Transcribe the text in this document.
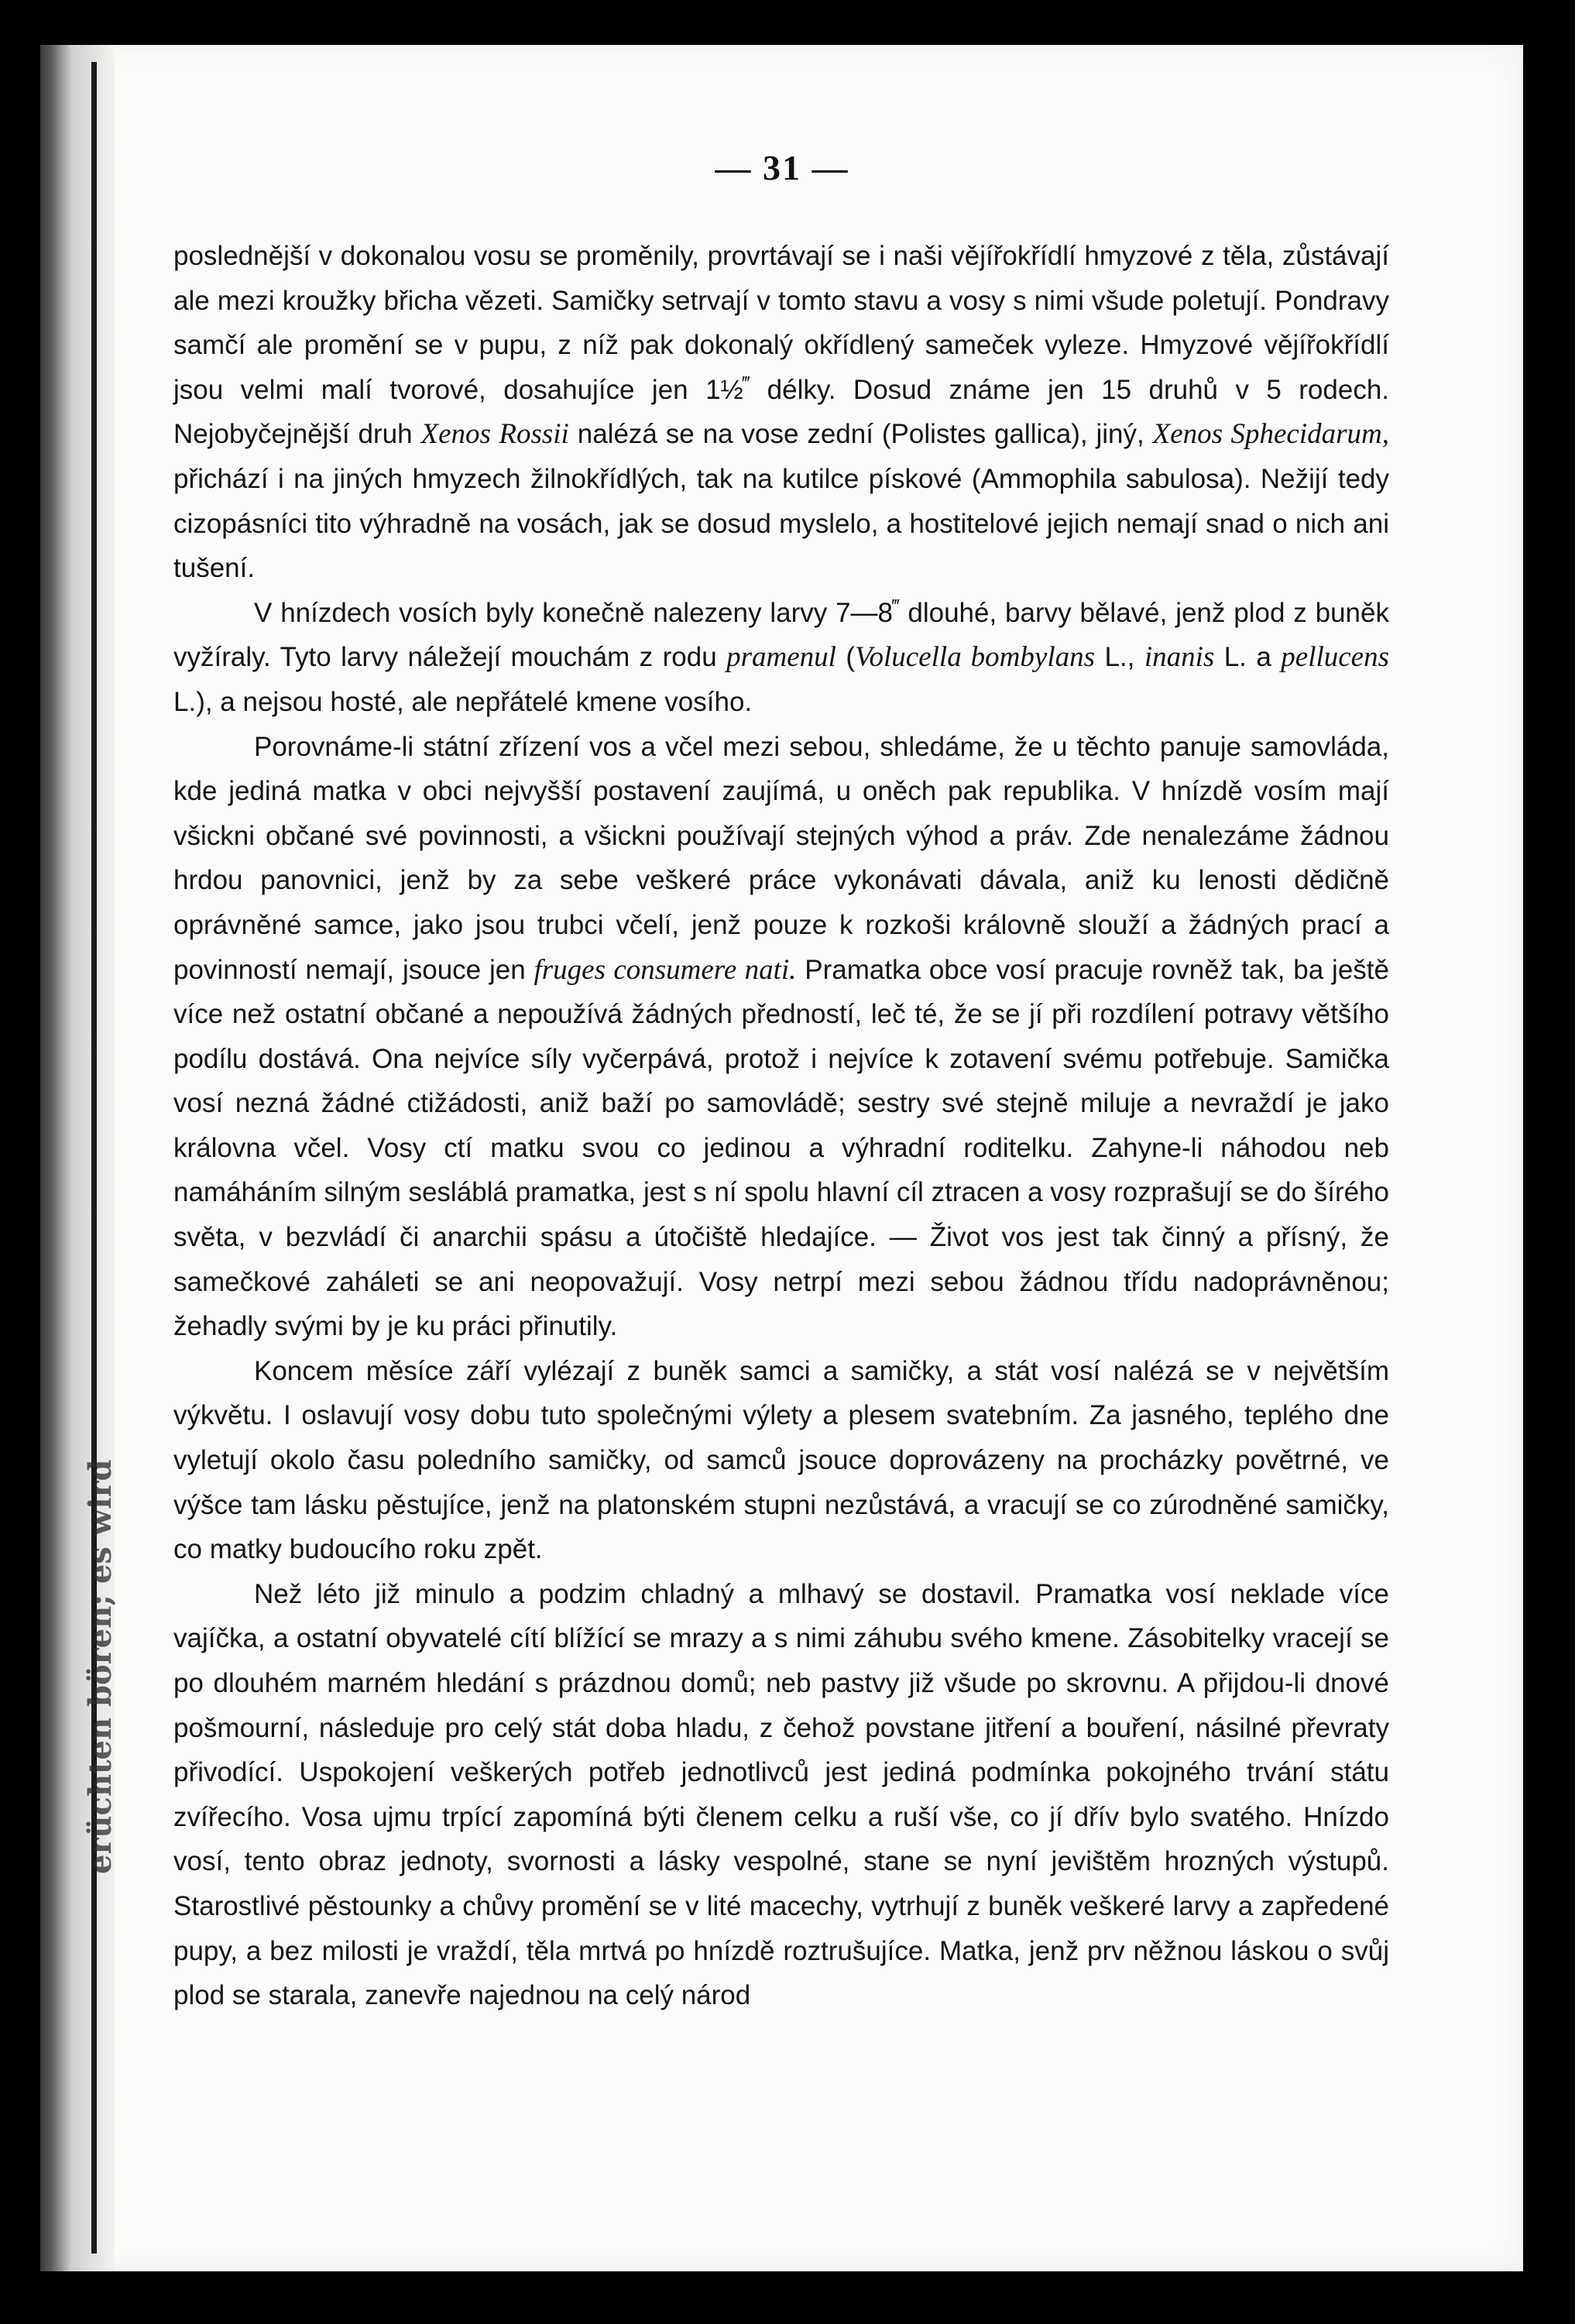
erüchten bören; es wird
— 31 —

poslednější v dokonalou vosu se proměnily, provrtávají se i naši vějířokřídlí hmyzové z těla, zůstávají ale mezi kroužky břicha vězeti. Samičky setrvají v tomto stavu a vosy s nimi všude poletují. Pondravy samčí ale promění se v pupu, z níž pak dokonalý okřídlený sameček vyleze. Hmyzové vějířokřídlí jsou velmi malí tvorové, dosahujíce jen 1½‴ délky. Dosud známe jen 15 druhů v 5 rodech. Nejobyčejnější druh Xenos Rossii nalézá se na vose zední (Polistes gallica), jiný, Xenos Sphecidarum, přichází i na jiných hmyzech žilnokřídlých, tak na kutilce pískové (Ammophila sabulosa). Nežijí tedy cizopásníci tito výhradně na vosách, jak se dosud myslelo, a hostitelové jejich nemají snad o nich ani tušení.

V hnízdech vosích byly konečně nalezeny larvy 7—8‴ dlouhé, barvy bělavé, jenž plod z buněk vyžíraly. Tyto larvy náležejí mouchám z rodu pramenul (Volucella bombylans L., inanis L. a pellucens L.), a nejsou hosté, ale nepřátelé kmene vosího.

Porovnáme-li státní zřízení vos a včel mezi sebou, shledáme, že u těchto panuje samovláda, kde jediná matka v obci nejvyšší postavení zaujímá, u oněch pak republika. V hnízdě vosím mají všickni občané své povinnosti, a všickni používají stejných výhod a práv. Zde nenalezáme žádnou hrdou panovnici, jenž by za sebe veškeré práce vykonávati dávala, aniž ku lenosti dědičně oprávněné samce, jako jsou trubci včelí, jenž pouze k rozkoši královně slouží a žádných prací a povinností nemají, jsouce jen fruges consumere nati. Pramatka obce vosí pracuje rovněž tak, ba ještě více než ostatní občané a nepoužívá žádných předností, leč té, že se jí při rozdílení potravy většího podílu dostává. Ona nejvíce síly vyčerpává, protož i nejvíce k zotavení svému potřebuje. Samička vosí nezná žádné ctižádosti, aniž baží po samovládě; sestry své stejně miluje a nevraždí je jako královna včel. Vosy ctí matku svou co jedinou a výhradní roditelku. Zahyne-li náhodou neb namáháním silným sesláblá pramatka, jest s ní spolu hlavní cíl ztracen a vosy rozprašují se do šírého světa, v bezvládí či anarchii spásu a útočiště hledajíce. — Život vos jest tak činný a přísný, že samečkové zaháleti se ani neopovažují. Vosy netrpí mezi sebou žádnou třídu nadoprávněnou; žehadly svými by je ku práci přinutily.

Koncem měsíce září vylézají z buněk samci a samičky, a stát vosí nalézá se v největším výkvětu. I oslavují vosy dobu tuto společnými výlety a plesem svatebním. Za jasného, teplého dne vyletují okolo času poledního samičky, od samců jsouce doprovázeny na procházky povětrné, ve výšce tam lásku pěstujíce, jenž na platonském stupni nezůstává, a vracují se co zúrodněné samičky, co matky budoucího roku zpět.

Než léto již minulo a podzim chladný a mlhavý se dostavil. Pramatka vosí neklade více vajíčka, a ostatní obyvatelé cítí blížící se mrazy a s nimi záhubu svého kmene. Zásobitelky vracejí se po dlouhém marném hledání s prázdnou domů; neb pastvy již všude po skrovnu. A přijdou-li dnové pošmourní, následuje pro celý stát doba hladu, z čehož povstane jitření a bouření, násilné převraty přivodící. Uspokojení veškerých potřeb jednotlivců jest jediná podmínka pokojného trvání státu zvířecího. Vosa ujmu trpící zapomíná býti členem celku a ruší vše, co jí dřív bylo svatého. Hnízdo vosí, tento obraz jednoty, svornosti a lásky vespolné, stane se nyní jevištěm hrozných výstupů. Starostlivé pěstounky a chůvy promění se v lité macechy, vytrhují z buněk veškeré larvy a zapředené pupy, a bez milosti je vraždí, těla mrtvá po hnízdě roztrušujíce. Matka, jenž prv něžnou láskou o svůj plod se starala, zanevře najednou na celý národ
